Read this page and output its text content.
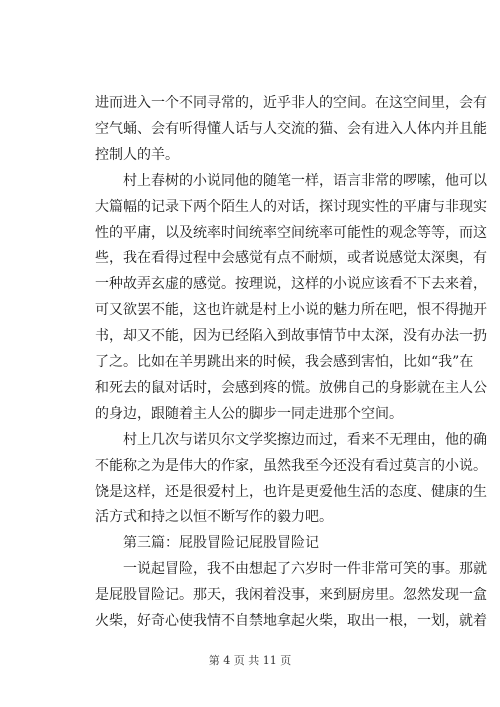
进而进入一个不同寻常的，近乎非人的空间。在这空间里，会有
空气蛹、会有听得懂人话与人交流的猫、会有进入人体内并且能
控制人的羊。
村上春树的小说同他的随笔一样，语言非常的啰嗦，他可以
大篇幅的记录下两个陌生人的对话，探讨现实性的平庸与非现实
性的平庸，以及统率时间统率空间统率可能性的观念等等，而这
些，我在看得过程中会感觉有点不耐烦，或者说感觉太深奥，有
一种故弄玄虚的感觉。按理说，这样的小说应该看不下去来着，
可又欲罢不能，这也许就是村上小说的魅力所在吧，恨不得抛开
书，却又不能，因为已经陷入到故事情节中太深，没有办法一扔
了之。比如在羊男跳出来的时候，我会感到害怕，比如“我”在
和死去的鼠对话时，会感到疼的慌。放佛自己的身影就在主人公
的身边，跟随着主人公的脚步一同走进那个空间。
村上几次与诺贝尔文学奖擦边而过，看来不无理由，他的确
不能称之为是伟大的作家，虽然我至今还没有看过莫言的小说。
饶是这样，还是很爱村上，也许是更爱他生活的态度、健康的生
活方式和持之以恒不断写作的毅力吧。
第三篇：屁股冒险记屁股冒险记
一说起冒险，我不由想起了六岁时一件非常可笑的事。那就
是屁股冒险记。那天，我闲着没事，来到厨房里。忽然发现一盒
火柴，好奇心使我情不自禁地拿起火柴，取出一根，一划，就着
第 4 页 共 11 页
